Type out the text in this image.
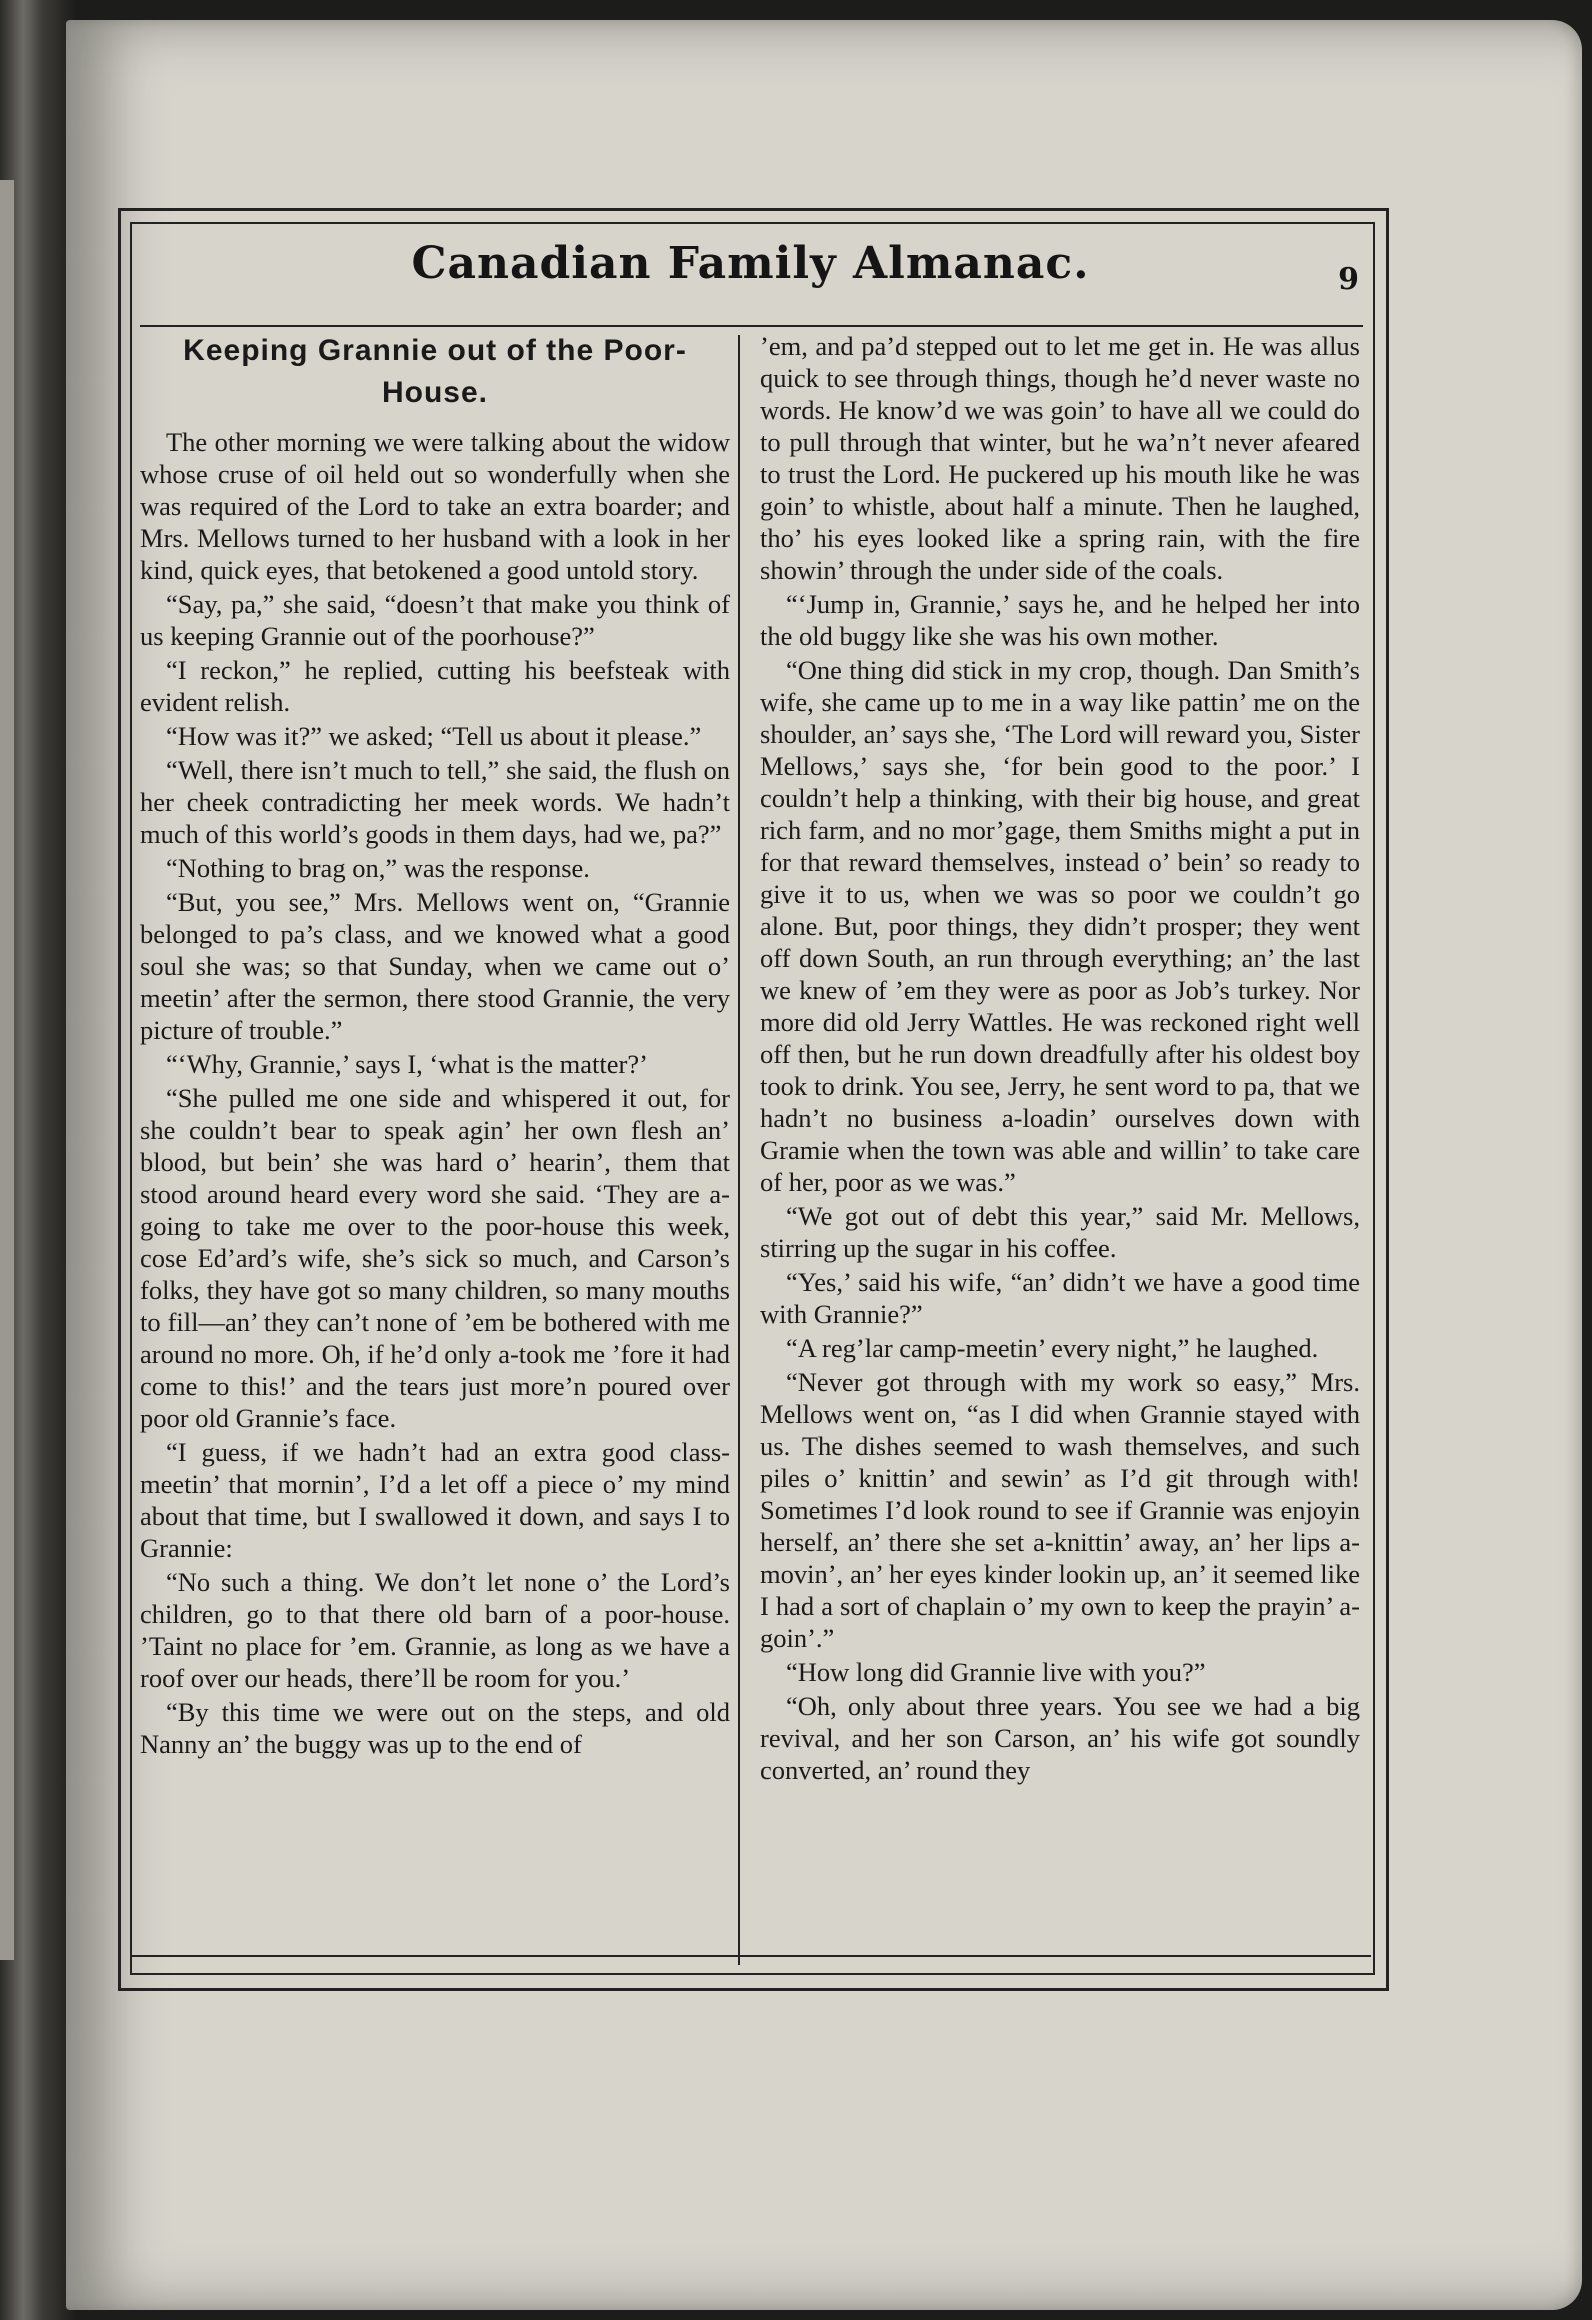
Canadian Family Almanac.	9
Keeping Grannie out of the Poor-House.

The other morning we were talking about the widow whose cruse of oil held out so wonderfully when she was required of the Lord to take an extra boarder; and Mrs. Mellows turned to her husband with a look in her kind, quick eyes, that betokened a good untold story.

“Say, pa,” she said, “doesn’t that make you think of us keeping Grannie out of the poorhouse?”

“I reckon,” he replied, cutting his beefsteak with evident relish.

“How was it?” we asked; “Tell us about it please.”

“Well, there isn’t much to tell,” she said, the flush on her cheek contradicting her meek words. We hadn’t much of this world’s goods in them days, had we, pa?”

“Nothing to brag on,” was the response.

“But, you see,” Mrs. Mellows went on, “Grannie belonged to pa’s class, and we knowed what a good soul she was; so that Sunday, when we came out o’ meetin’ after the sermon, there stood Grannie, the very picture of trouble.”

“‘Why, Grannie,’ says I, ‘what is the matter?’

“She pulled me one side and whispered it out, for she couldn’t bear to speak agin’ her own flesh an’ blood, but bein’ she was hard o’ hearin’, them that stood around heard every word she said. ‘They are a-going to take me over to the poor-house this week, cose Ed’ard’s wife, she’s sick so much, and Carson’s folks, they have got so many children, so many mouths to fill—an’ they can’t none of ’em be bothered with me around no more. Oh, if he’d only a-took me ’fore it had come to this!’ and the tears just more’n poured over poor old Grannie’s face.

“I guess, if we hadn’t had an extra good class-meetin’ that mornin’, I’d a let off a piece o’ my mind about that time, but I swallowed it down, and says I to Grannie:

“No such a thing. We don’t let none o’ the Lord’s children, go to that there old barn of a poor-house. ’Taint no place for ’em. Grannie, as long as we have a roof over our heads, there’ll be room for you.’

“By this time we were out on the steps, and old Nanny an’ the buggy was up to the end of

’em, and pa’d stepped out to let me get in. He was allus quick to see through things, though he’d never waste no words. He know’d we was goin’ to have all we could do to pull through that winter, but he wa’n’t never afeared to trust the Lord. He puckered up his mouth like he was goin’ to whistle, about half a minute. Then he laughed, tho’ his eyes looked like a spring rain, with the fire showin’ through the under side of the coals.

“‘Jump in, Grannie,’ says he, and he helped her into the old buggy like she was his own mother.

“One thing did stick in my crop, though. Dan Smith’s wife, she came up to me in a way like pattin’ me on the shoulder, an’ says she, ‘The Lord will reward you, Sister Mellows,’ says she, ‘for bein good to the poor.’ I couldn’t help a thinking, with their big house, and great rich farm, and no mor’gage, them Smiths might a put in for that reward themselves, instead o’ bein’ so ready to give it to us, when we was so poor we couldn’t go alone. But, poor things, they didn’t prosper; they went off down South, an run through everything; an’ the last we knew of ’em they were as poor as Job’s turkey. Nor more did old Jerry Wattles. He was reckoned right well off then, but he run down dreadfully after his oldest boy took to drink. You see, Jerry, he sent word to pa, that we hadn’t no business a-loadin’ ourselves down with Gramie when the town was able and willin’ to take care of her, poor as we was.”

“We got out of debt this year,” said Mr. Mellows, stirring up the sugar in his coffee.

“Yes,’ said his wife, “an’ didn’t we have a good time with Grannie?”

“A reg’lar camp-meetin’ every night,” he laughed.

“Never got through with my work so easy,” Mrs. Mellows went on, “as I did when Grannie stayed with us. The dishes seemed to wash themselves, and such piles o’ knittin’ and sewin’ as I’d git through with! Sometimes I’d look round to see if Grannie was enjoyin herself, an’ there she set a-knittin’ away, an’ her lips a-movin’, an’ her eyes kinder lookin up, an’ it seemed like I had a sort of chaplain o’ my own to keep the prayin’ a-goin’.”

“How long did Grannie live with you?”

“Oh, only about three years. You see we had a big revival, and her son Carson, an’ his wife got soundly converted, an’ round they
